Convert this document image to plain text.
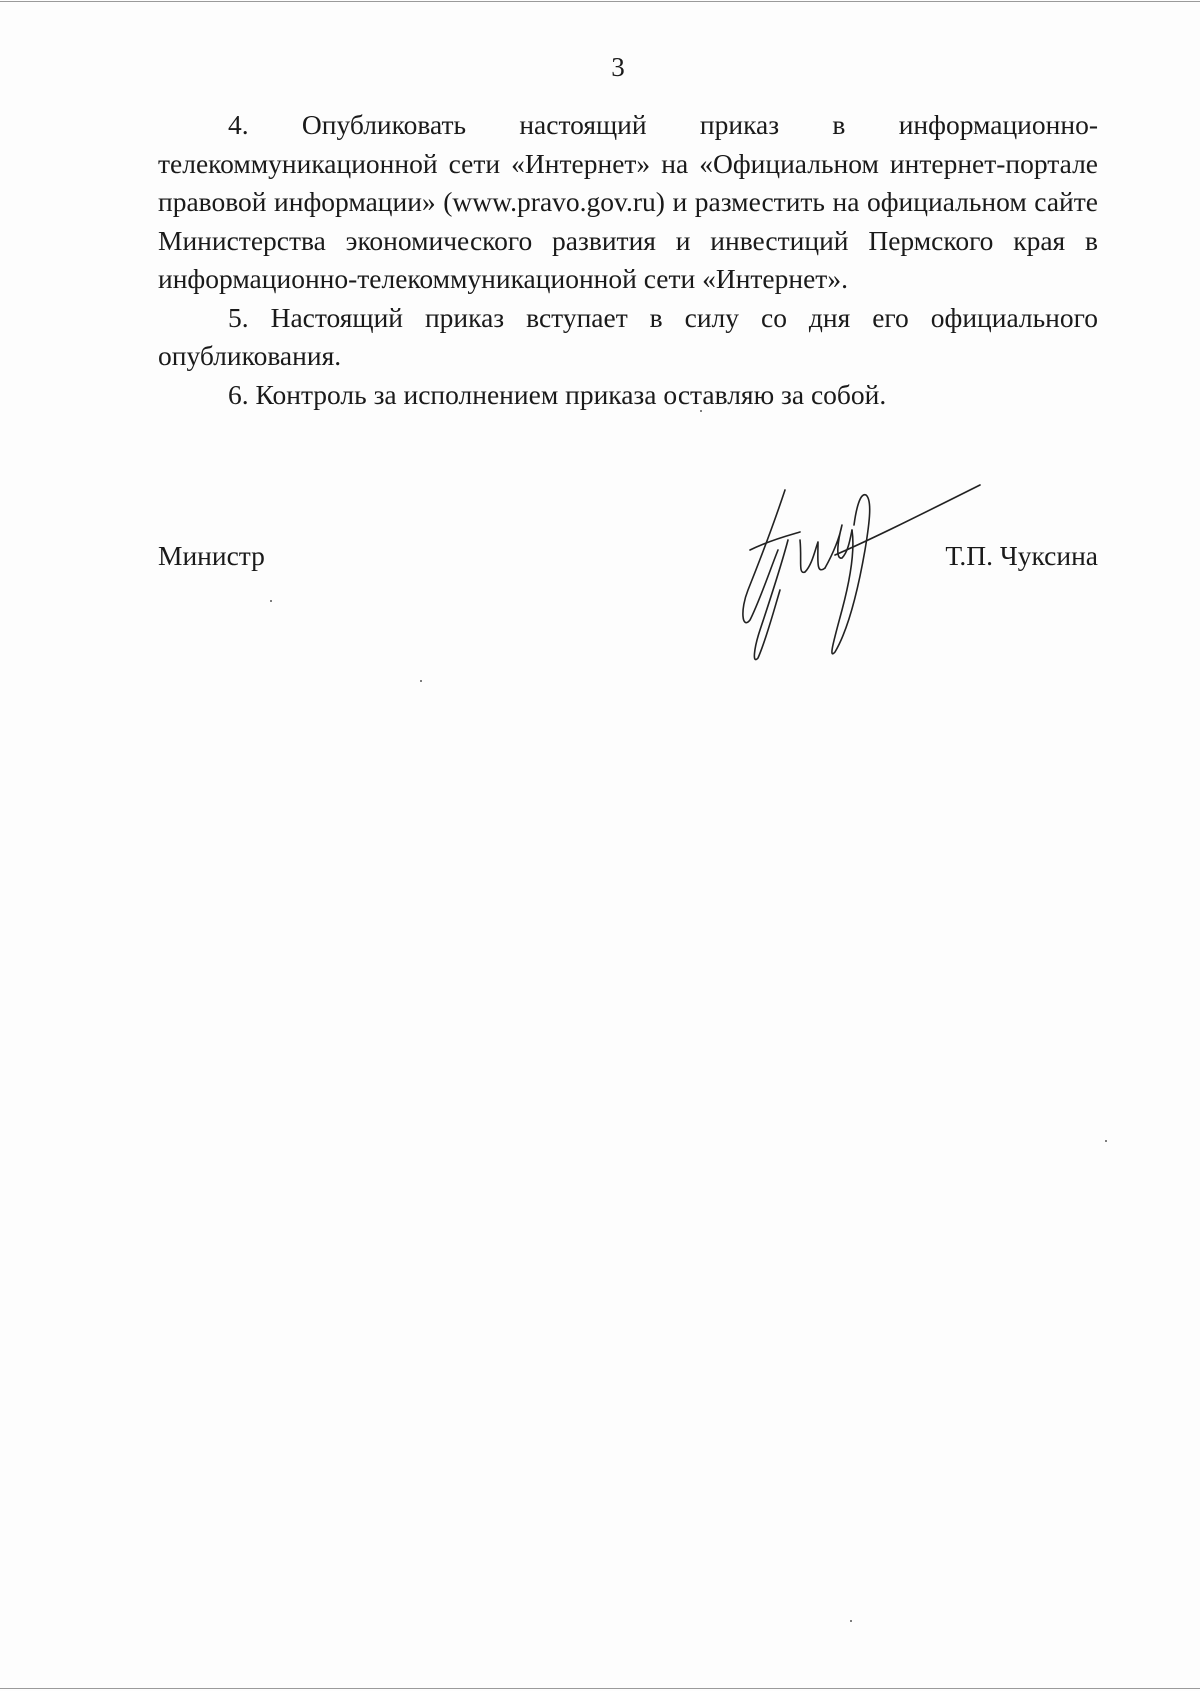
3

4. Опубликовать настоящий приказ в информационно-телекоммуникационной сети «Интернет» на «Официальном интернет-портале правовой информации» (www.pravo.gov.ru) и разместить на официальном сайте Министерства экономического развития и инвестиций Пермского края в информационно-телекоммуникационной сети «Интернет».

5. Настоящий приказ вступает в силу со дня его официального опубликования.

6. Контроль за исполнением приказа оставляю за собой.

Министр	Т.П. Чуксина
